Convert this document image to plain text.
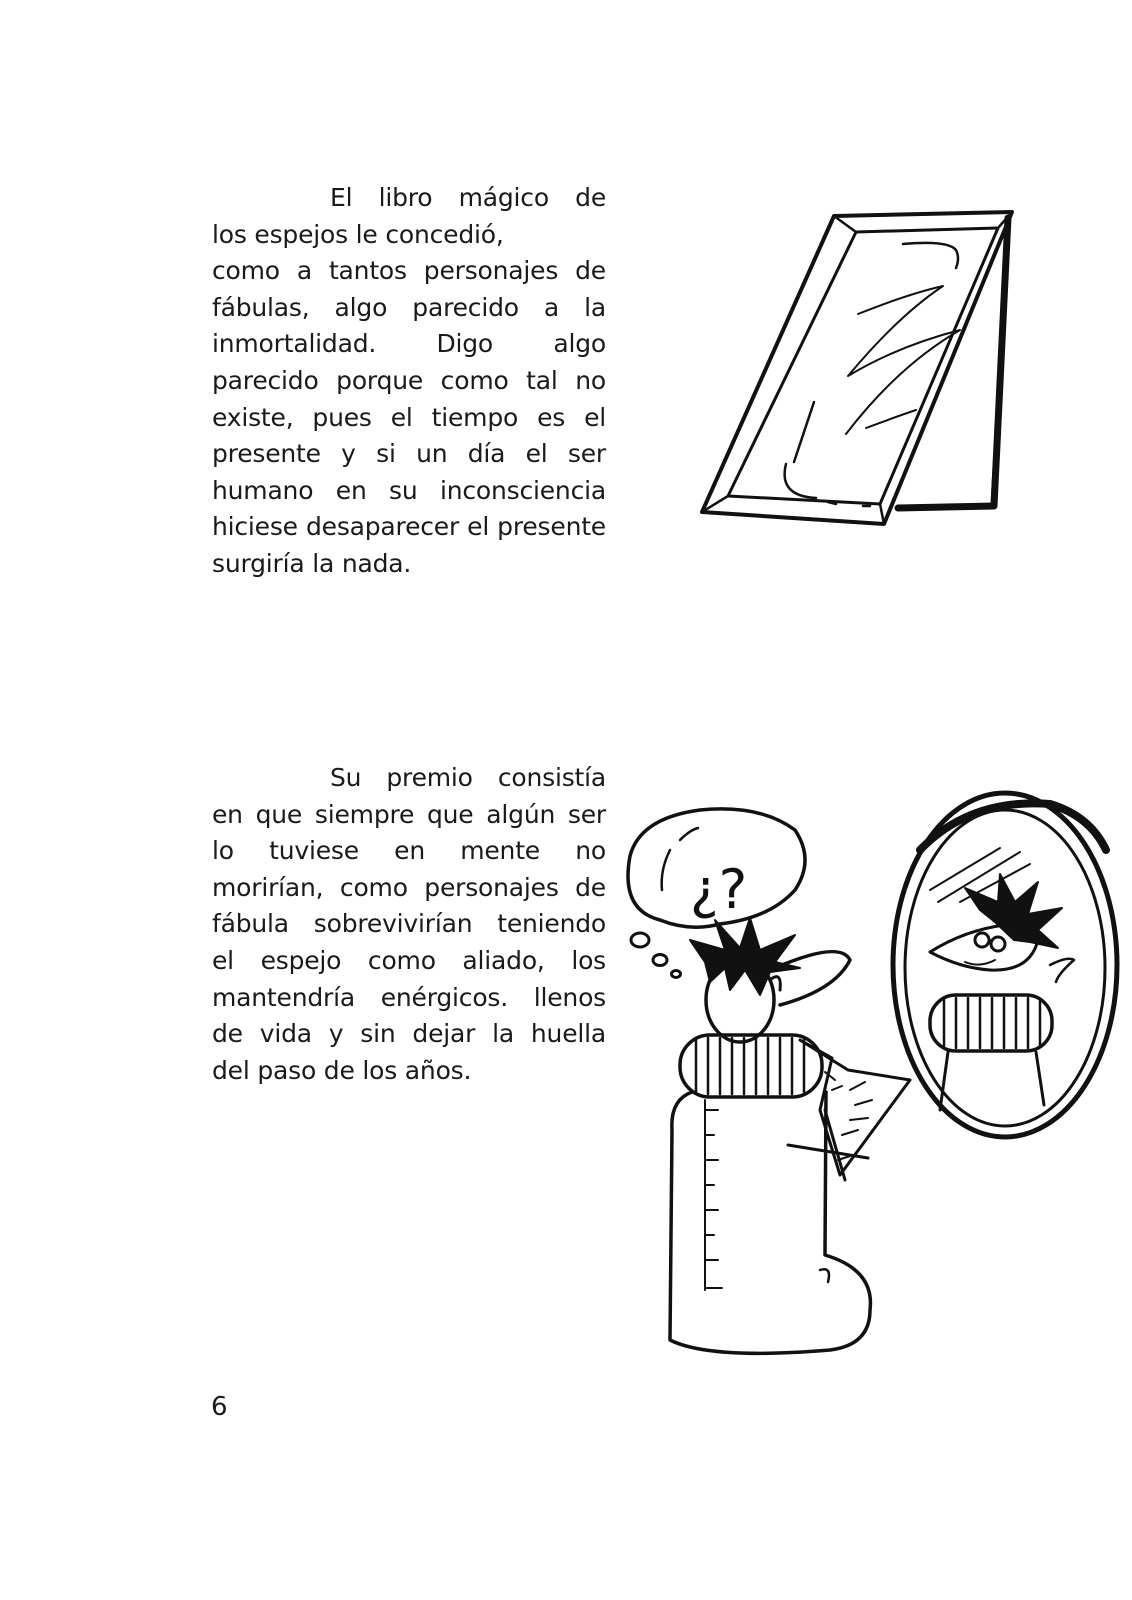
El libro mágico de
los espejos le concedió,
como a tantos personajes de
fábulas, algo parecido a la
inmortalidad. Digo algo
parecido porque como tal no
existe, pues el tiempo es el
presente y si un día el ser
humano en su inconsciencia
hiciese desaparecer el presente
surgiría la nada.
Su premio consistía
en que siempre que algún ser
lo tuviese en mente no
morirían, como personajes de
fábula sobrevivirían teniendo
el espejo como aliado, los
mantendría enérgicos. llenos
de vida y sin dejar la huella
del paso de los años.
¿?
6
